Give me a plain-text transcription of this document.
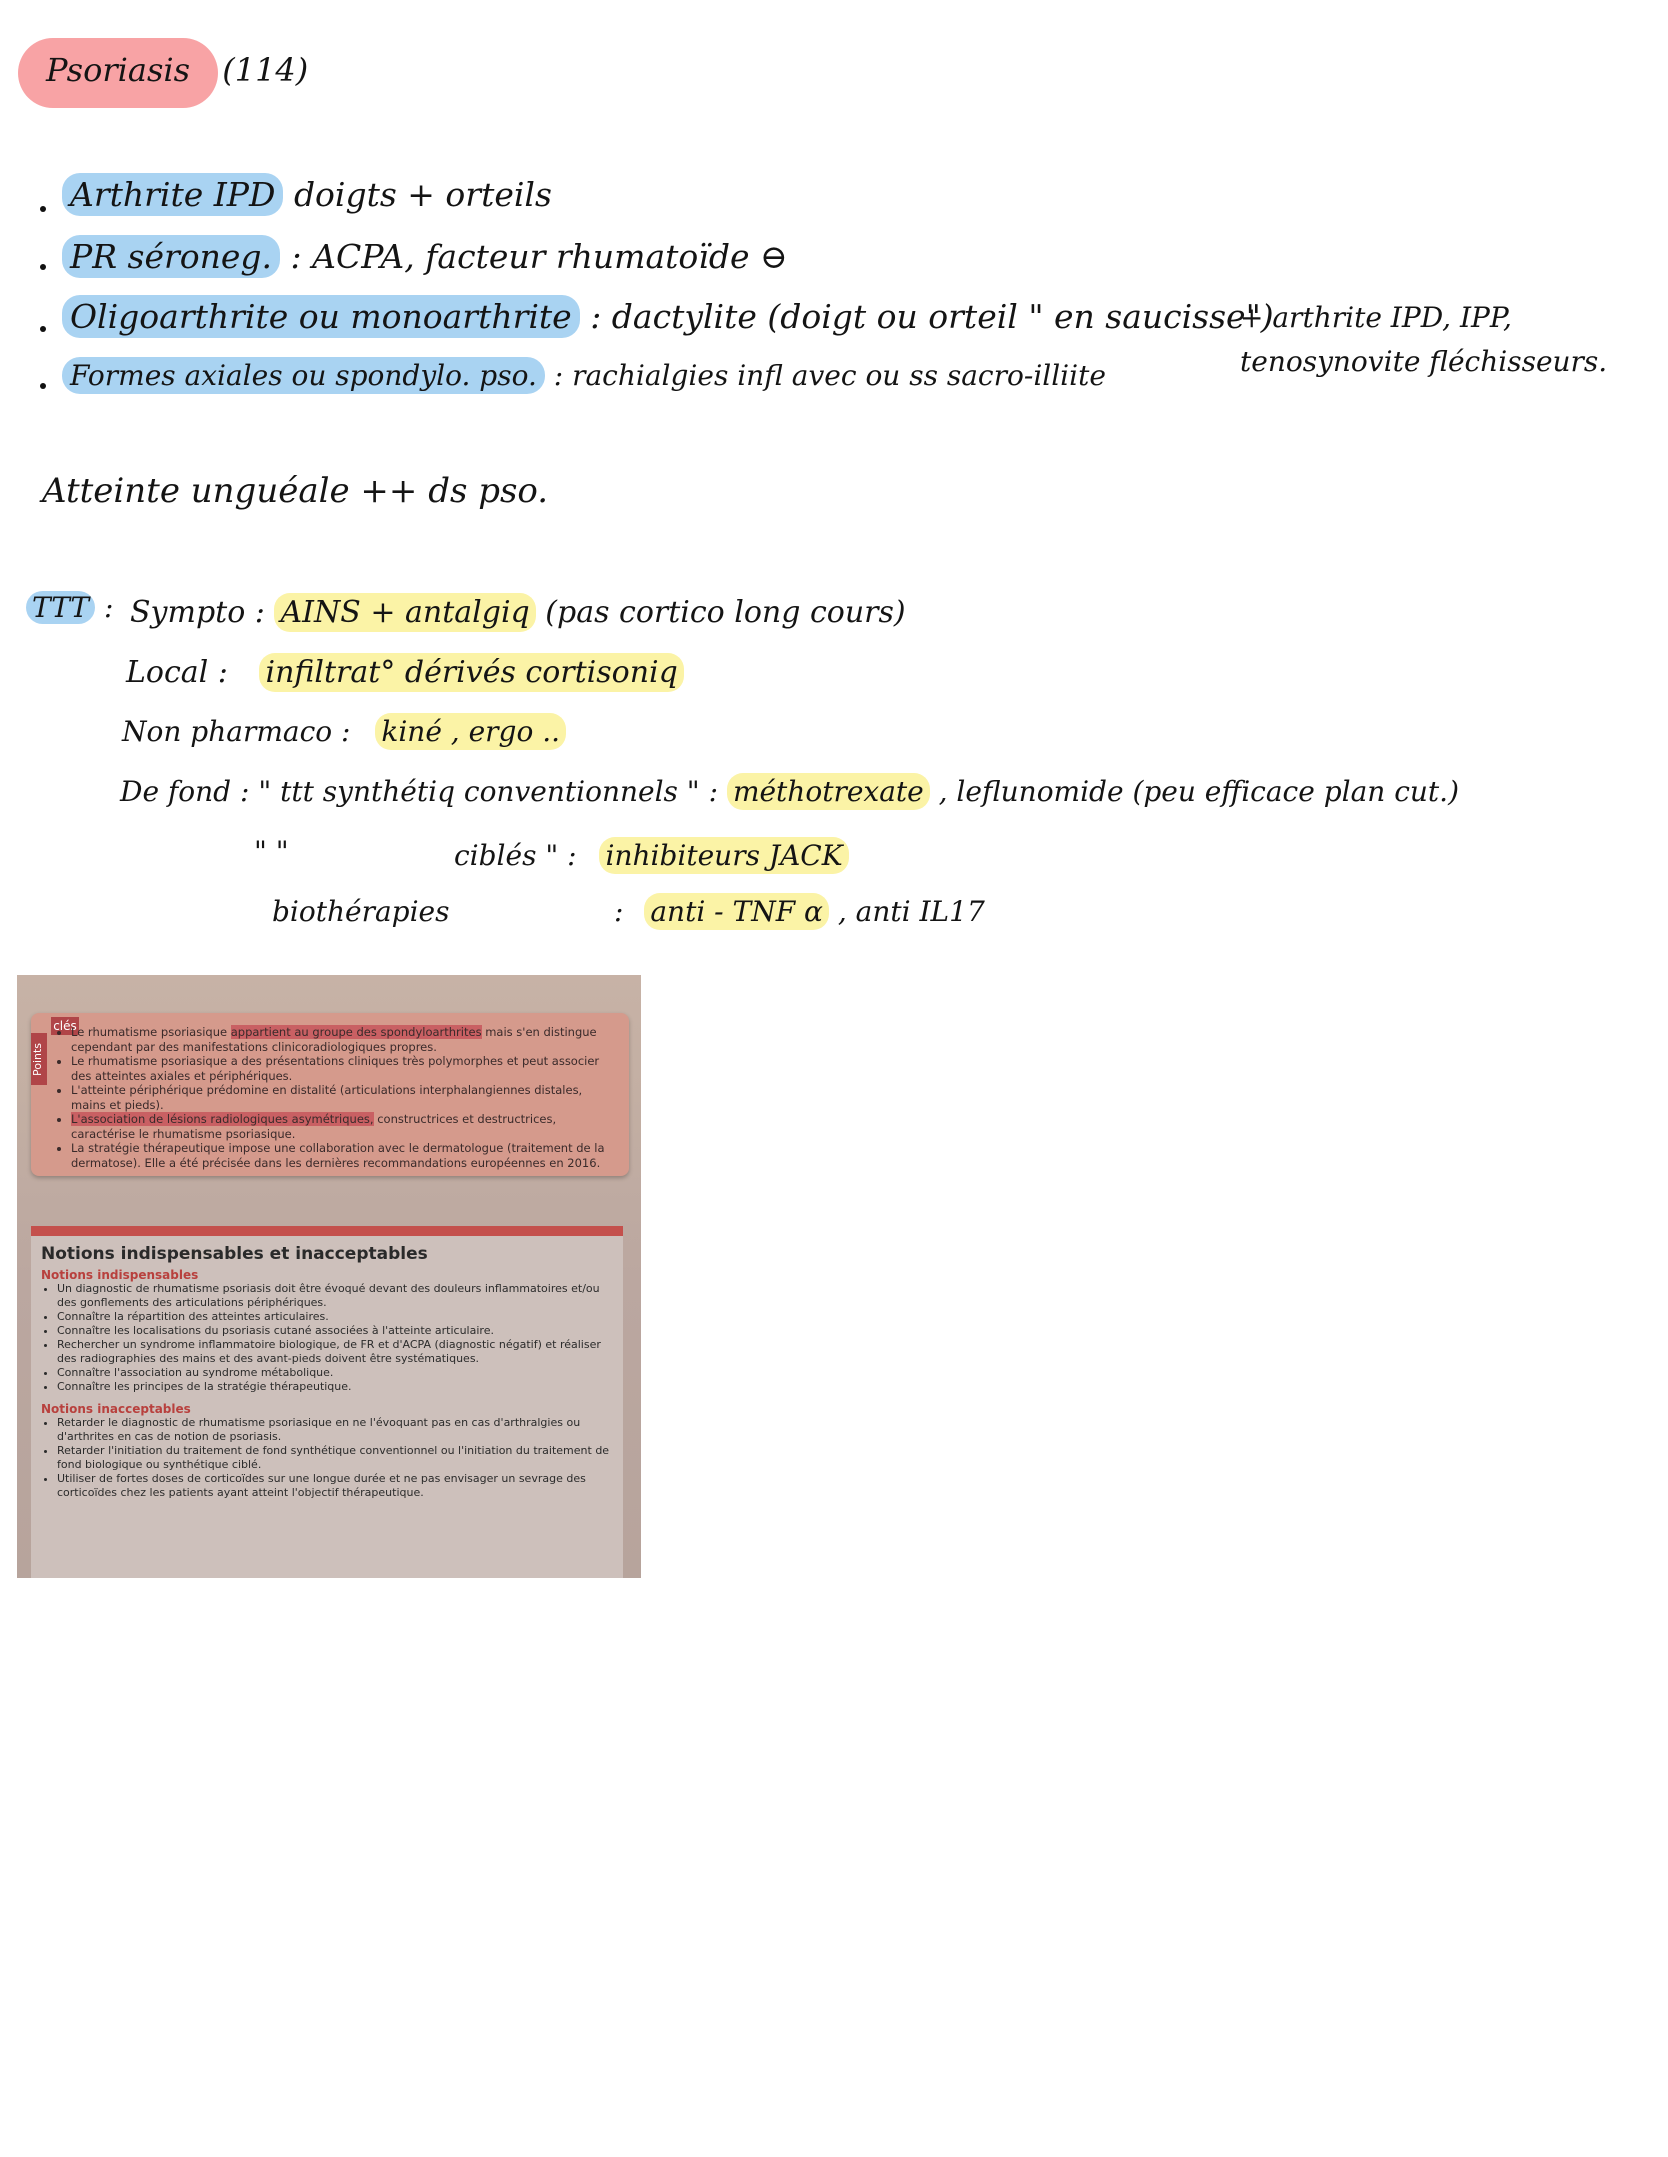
Psoriasis (114)
Arthrite IPD doigts + orteils
PR séroneg. : ACPA, facteur rhumatoïde ⊖
Oligoarthrite ou monoarthrite : dactylite (doigt ou orteil " en saucisse")
Formes axiales ou spondylo. pso. : rachialgies infl avec ou ss sacro-illiite
+ arthrite IPD, IPP,
tenosynovite fléchisseurs.
Atteinte unguéale ++ ds pso.
TTT : Sympto : AINS + antalgiq (pas cortico long cours)
Local : infiltrat° dérivés cortisoniq
Non pharmaco : kiné , ergo ..
De fond : " ttt synthétiq conventionnels " : méthotrexate , leflunomide (peu efficace plan cut.)
" "	ciblés " : inhibiteurs JACK
biothérapies	: anti - TNF α , anti IL17
clés
Points
• Le rhumatisme psoriasique appartient au groupe des spondyloarthrites mais s'en distingue cependant par des manifestations clinicoradiologiques propres.
• Le rhumatisme psoriasique a des présentations cliniques très polymorphes et peut associer des atteintes axiales et périphériques.
• L'atteinte périphérique prédomine en distalité (articulations interphalangiennes distales, mains et pieds).
• L'association de lésions radiologiques asymétriques, constructrices et destructrices, caractérise le rhumatisme psoriasique.
• La stratégie thérapeutique impose une collaboration avec le dermatologue (traitement de la dermatose). Elle a été précisée dans les dernières recommandations européennes en 2016.
Notions indispensables et inacceptables
Notions indispensables
• Un diagnostic de rhumatisme psoriasis doit être évoqué devant des douleurs inflammatoires et/ou des gonflements des articulations périphériques.
• Connaître la répartition des atteintes articulaires.
• Connaître les localisations du psoriasis cutané associées à l'atteinte articulaire.
• Rechercher un syndrome inflammatoire biologique, de FR et d'ACPA (diagnostic négatif) et réaliser des radiographies des mains et des avant-pieds doivent être systématiques.
• Connaître l'association au syndrome métabolique.
• Connaître les principes de la stratégie thérapeutique.
Notions inacceptables
• Retarder le diagnostic de rhumatisme psoriasique en ne l'évoquant pas en cas d'arthralgies ou d'arthrites en cas de notion de psoriasis.
• Retarder l'initiation du traitement de fond synthétique conventionnel ou l'initiation du traitement de fond biologique ou synthétique ciblé.
• Utiliser de fortes doses de corticoïdes sur une longue durée et ne pas envisager un sevrage des corticoïdes chez les patients ayant atteint l'objectif thérapeutique.
